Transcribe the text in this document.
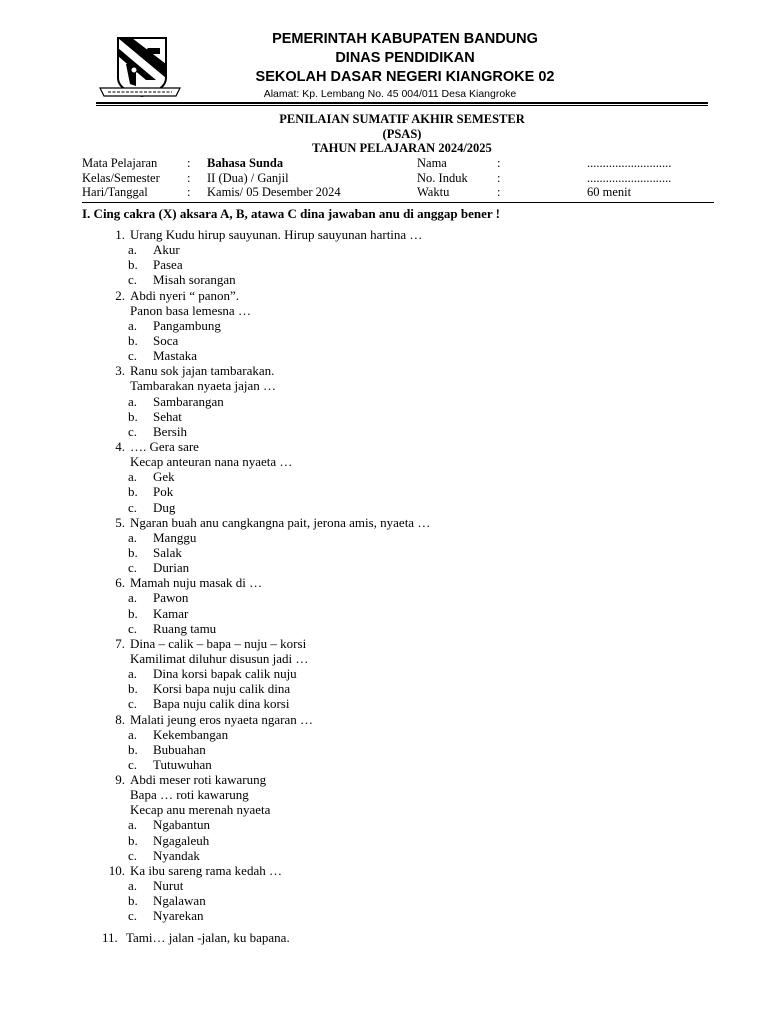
PEMERINTAH KABUPATEN BANDUNG
DINAS PENDIDIKAN
SEKOLAH DASAR NEGERI KIANGROKE 02
Alamat: Kp. Lembang No. 45 004/011 Desa Kiangroke
PENILAIAN SUMATIF AKHIR SEMESTER
(PSAS)
TAHUN PELAJARAN 2024/2025
Mata Pelajaran : Bahasa Sunda	Nama	:	...........................
Kelas/Semester : II (Dua) / Ganjil	No. Induk :	...........................
Hari/Tanggal	: Kamis/ 05 Desember 2024	Waktu	:	60 menit
I. Cing cakra (X) aksara A, B, atawa C dina jawaban anu di anggap bener !
1. Urang Kudu hirup sauyunan. Hirup sauyunan hartina …
a. Akur
b. Pasea
c. Misah sorangan
2. Abdi nyeri “ panon”.
Panon basa lemesna …
a. Pangambung
b. Soca
c. Mastaka
3. Ranu sok jajan tambarakan.
Tambarakan nyaeta jajan …
a. Sambarangan
b. Sehat
c. Bersih
4. …. Gera sare
Kecap anteuran nana nyaeta …
a. Gek
b. Pok
c. Dug
5. Ngaran buah anu cangkangna pait, jerona amis, nyaeta …
a. Manggu
b. Salak
c. Durian
6. Mamah nuju masak di …
a. Pawon
b. Kamar
c. Ruang tamu
7. Dina – calik – bapa – nuju – korsi
Kamilimat diluhur disusun jadi …
a. Dina korsi bapak calik nuju
b. Korsi bapa nuju calik dina
c. Bapa nuju calik dina korsi
8. Malati jeung eros nyaeta ngaran …
a. Kekembangan
b. Bubuahan
c. Tutuwuhan
9. Abdi meser roti kawarung
Bapa … roti kawarung
Kecap anu merenah nyaeta
a. Ngabantun
b. Ngagaleuh
c. Nyandak
10. Ka ibu sareng rama kedah …
a. Nurut
b. Ngalawan
c. Nyarekan
11. Tami… jalan -jalan, ku bapana.
